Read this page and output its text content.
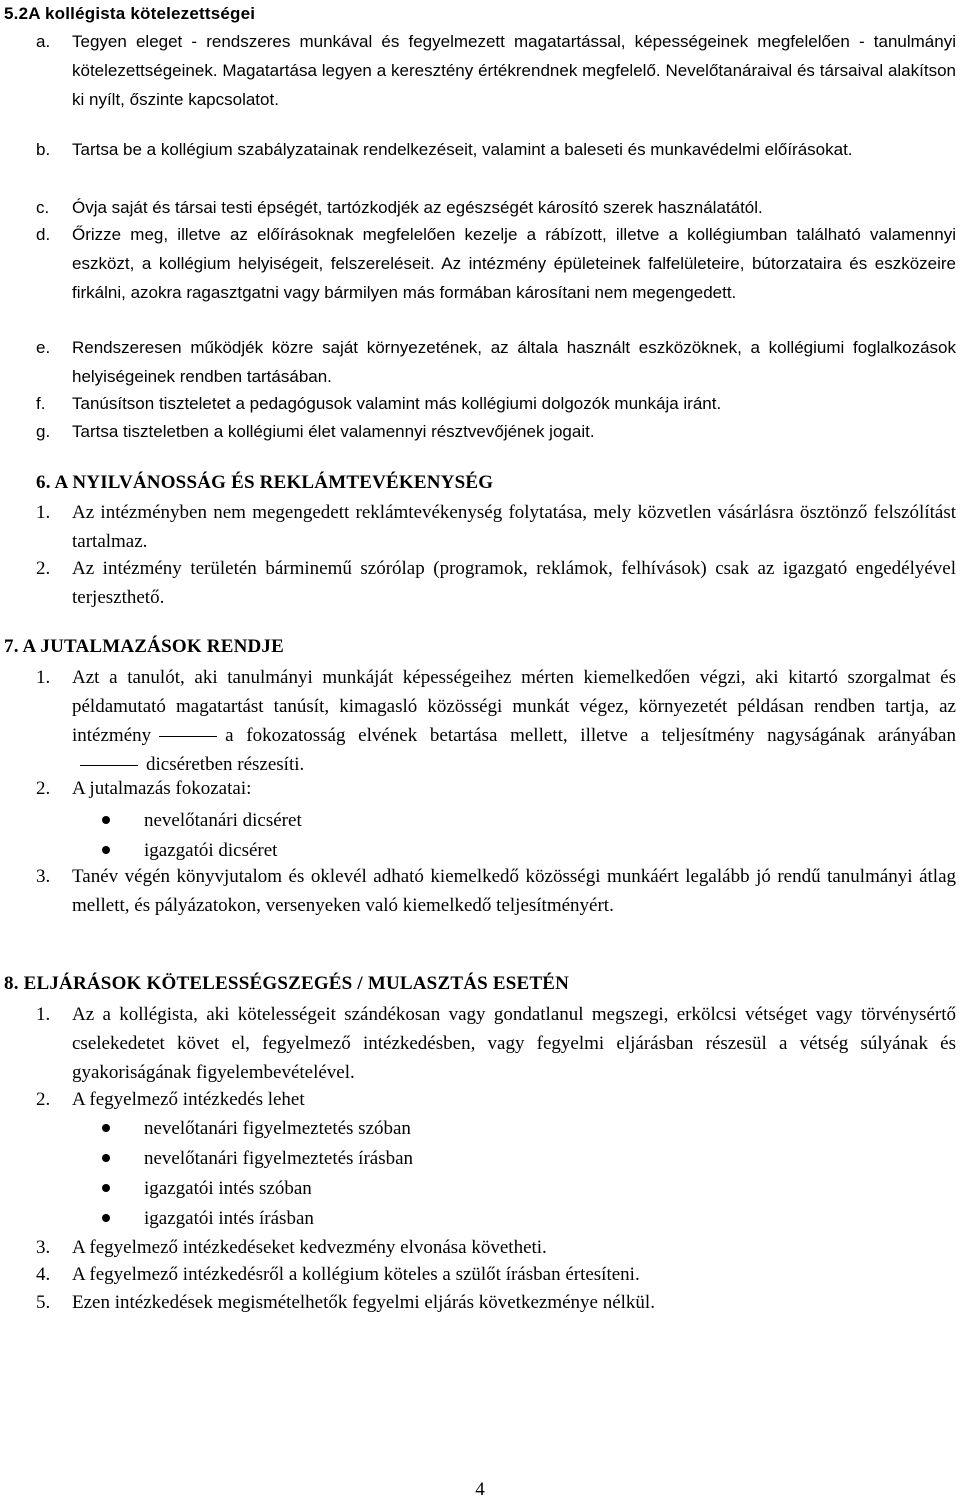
5.2A kollégista kötelezettségei
a. Tegyen eleget - rendszeres munkával és fegyelmezett magatartással, képességeinek megfelelően - tanulmányi kötelezettségeinek. Magatartása legyen a keresztény értékrendnek megfelelő. Nevelőtanáraival és társaival alakítson ki nyílt, őszinte kapcsolatot.
b. Tartsa be a kollégium szabályzatainak rendelkezéseit, valamint a baleseti és munkavédelmi előírásokat.
c. Óvja saját és társai testi épségét, tartózkodjék az egészségét károsító szerek használatától.
d. Őrizze meg, illetve az előírásoknak megfelelően kezelje a rábízott, illetve a kollégiumban található valamennyi eszközt, a kollégium helyiségeit, felszereléseit. Az intézmény épületeinek falfelületeire, bútorzataira és eszközeire firkálni, azokra ragasztgatni vagy bármilyen más formában károsítani nem megengedett.
e. Rendszeresen működjék közre saját környezetének, az általa használt eszközöknek, a kollégiumi foglalkozások helyiségeinek rendben tartásában.
f. Tanúsítson tiszteletet a pedagógusok valamint más kollégiumi dolgozók munkája iránt.
g. Tartsa tiszteletben a kollégiumi élet valamennyi résztvevőjének jogait.
6. A NYILVÁNOSSÁG ÉS REKLÁMTEVÉKENYSÉG
1. Az intézményben nem megengedett reklámtevékenység folytatása, mely közvetlen vásárlásra ösztönző felszólítást tartalmaz.
2. Az intézmény területén bárminemű szórólap (programok, reklámok, felhívások) csak az igazgató engedélyével terjeszthető.
7. A JUTALMAZÁSOK RENDJE
1. Azt a tanulót, aki tanulmányi munkáját képességeihez mérten kiemelkedően végzi, aki kitartó szorgalmat és példamutató magatartást tanúsít, kimagasló közösségi munkát végez, környezetét példásan rendben tartja, az intézmény	a fokozatosság elvének betartása mellett, illetve a teljesítmény nagyságának arányábandicséretben részesíti.
2. A jutalmazás fokozatai:
nevelőtanári dicséret
igazgatói dicséret
3. Tanév végén könyvjutalom és oklevél adható kiemelkedő közösségi munkáért legalább jó rendű tanulmányi átlag mellett, és pályázatokon, versenyeken való kiemelkedő teljesítményért.
8. ELJÁRÁSOK KÖTELESSÉGSZEGÉS / MULASZTÁS ESETÉN
1. Az a kollégista, aki kötelességeit szándékosan vagy gondatlanul megszegi, erkölcsi vétséget vagy törvénysértő cselekedetet követ el, fegyelmező intézkedésben, vagy fegyelmi eljárásban részesül a vétség súlyának és gyakoriságának figyelembevételével.
2. A fegyelmező intézkedés lehet
nevelőtanári figyelmeztetés szóban
nevelőtanári figyelmeztetés írásban
igazgatói intés szóban
igazgatói intés írásban
3. A fegyelmező intézkedéseket kedvezmény elvonása követheti.
4. A fegyelmező intézkedésről a kollégium köteles a szülőt írásban értesíteni.
5. Ezen intézkedések megismételhetők fegyelmi eljárás következménye nélkül.
4
